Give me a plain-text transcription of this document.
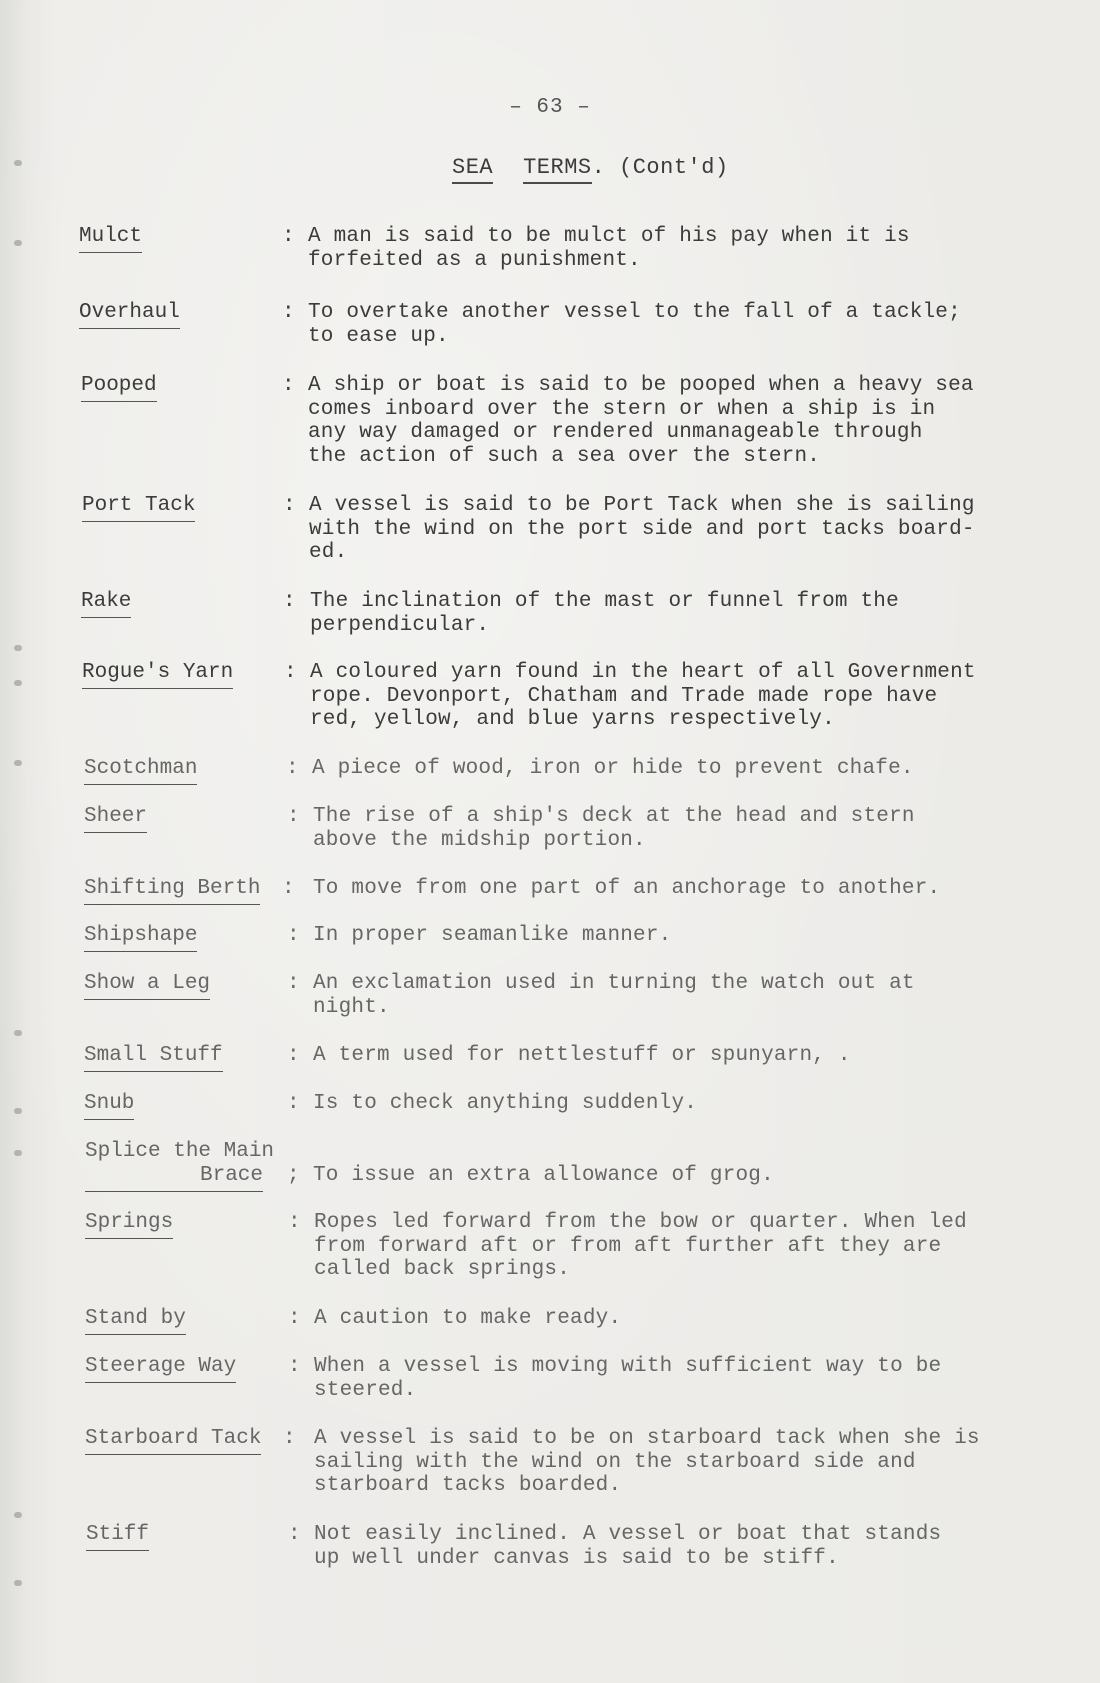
– 63 –
SEA TERMS. (Cont'd)
Mulct	: A man is said to be mulct of his pay when it is
forfeited as a punishment.
Overhaul	: To overtake another vessel to the fall of a tackle;
to ease up.
Pooped	: A ship or boat is said to be pooped when a heavy sea
comes inboard over the stern or when a ship is in
any way damaged or rendered unmanageable through
the action of such a sea over the stern.
Port Tack	: A vessel is said to be Port Tack when she is sailing
with the wind on the port side and port tacks board-
ed.
Rake	: The inclination of the mast or funnel from the
perpendicular.
Rogue's Yarn : A coloured yarn found in the heart of all Government
rope. Devonport, Chatham and Trade made rope have
red, yellow, and blue yarns respectively.
Scotchman	: A piece of wood, iron or hide to prevent chafe.
Sheer	: The rise of a ship's deck at the head and stern
above the midship portion.
Shifting Berth : To move from one part of an anchorage to another.
Shipshape	: In proper seamanlike manner.
Show a Leg	: An exclamation used in turning the watch out at
night.
Small Stuff	: A term used for nettlestuff or spunyarn, .
Snub	: Is to check anything suddenly.
Splice the Main
Brace ; To issue an extra allowance of grog.
Springs	: Ropes led forward from the bow or quarter. When led
from forward aft or from aft further aft they are
called back springs.
Stand by	: A caution to make ready.
Steerage Way : When a vessel is moving with sufficient way to be
steered.
Starboard Tack : A vessel is said to be on starboard tack when she is
sailing with the wind on the starboard side and
starboard tacks boarded.
Stiff	: Not easily inclined. A vessel or boat that stands
up well under canvas is said to be stiff.
